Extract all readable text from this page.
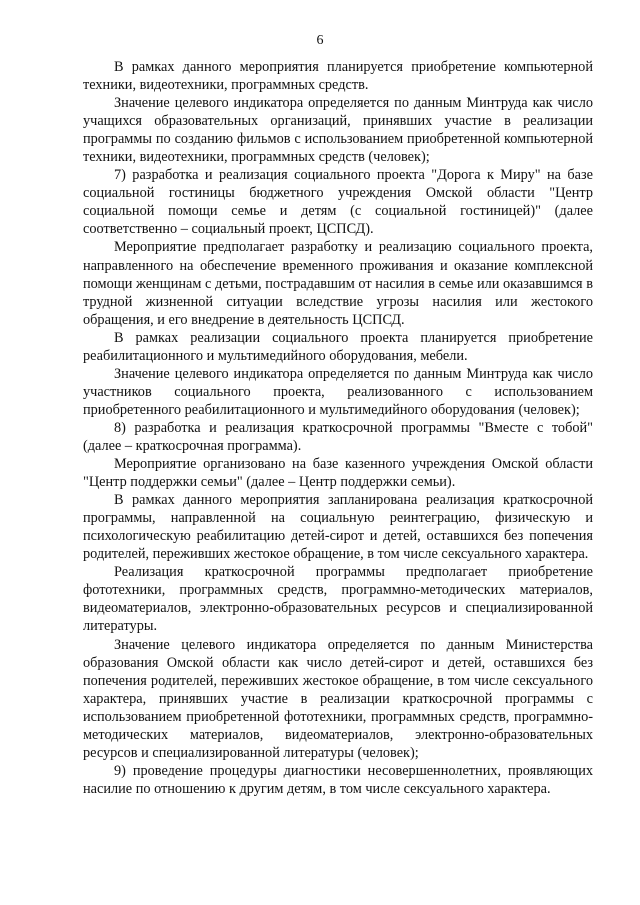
6

В рамках данного мероприятия планируется приобретение компьютерной техники, видеотехники, программных средств.

Значение целевого индикатора определяется по данным Минтруда как число учащихся образовательных организаций, принявших участие в реализации программы по созданию фильмов с использованием приобретенной компьютерной техники, видеотехники, программных средств (человек);

7) разработка и реализация социального проекта "Дорога к Миру" на базе социальной гостиницы бюджетного учреждения Омской области "Центр социальной помощи семье и детям (с социальной гостиницей)" (далее соответственно – социальный проект, ЦСПСД).

Мероприятие предполагает разработку и реализацию социального проекта, направленного на обеспечение временного проживания и оказание комплексной помощи женщинам с детьми, пострадавшим от насилия в семье или оказавшимся в трудной жизненной ситуации вследствие угрозы насилия или жестокого обращения, и его внедрение в деятельность ЦСПСД.

В рамках реализации социального проекта планируется приобретение реабилитационного и мультимедийного оборудования, мебели.

Значение целевого индикатора определяется по данным Минтруда как число участников социального проекта, реализованного с использованием приобретенного реабилитационного и мультимедийного оборудования (человек);

8) разработка и реализация краткосрочной программы "Вместе с тобой" (далее – краткосрочная программа).

Мероприятие организовано на базе казенного учреждения Омской области "Центр поддержки семьи" (далее – Центр поддержки семьи).

В рамках данного мероприятия запланирована реализация краткосрочной программы, направленной на социальную реинтеграцию, физическую и психологическую реабилитацию детей-сирот и детей, оставшихся без попечения родителей, переживших жестокое обращение, в том числе сексуального характера.

Реализация краткосрочной программы предполагает приобретение фототехники, программных средств, программно-методических материалов, видеоматериалов, электронно-образовательных ресурсов и специализированной литературы.

Значение целевого индикатора определяется по данным Министерства образования Омской области как число детей-сирот и детей, оставшихся без попечения родителей, переживших жестокое обращение, в том числе сексуального характера, принявших участие в реализации краткосрочной программы с использованием приобретенной фототехники, программных средств, программно-методических материалов, видеоматериалов, электронно-образовательных ресурсов и специализированной литературы (человек);

9) проведение процедуры диагностики несовершеннолетних, проявляющих насилие по отношению к другим детям, в том числе сексуального характера.
